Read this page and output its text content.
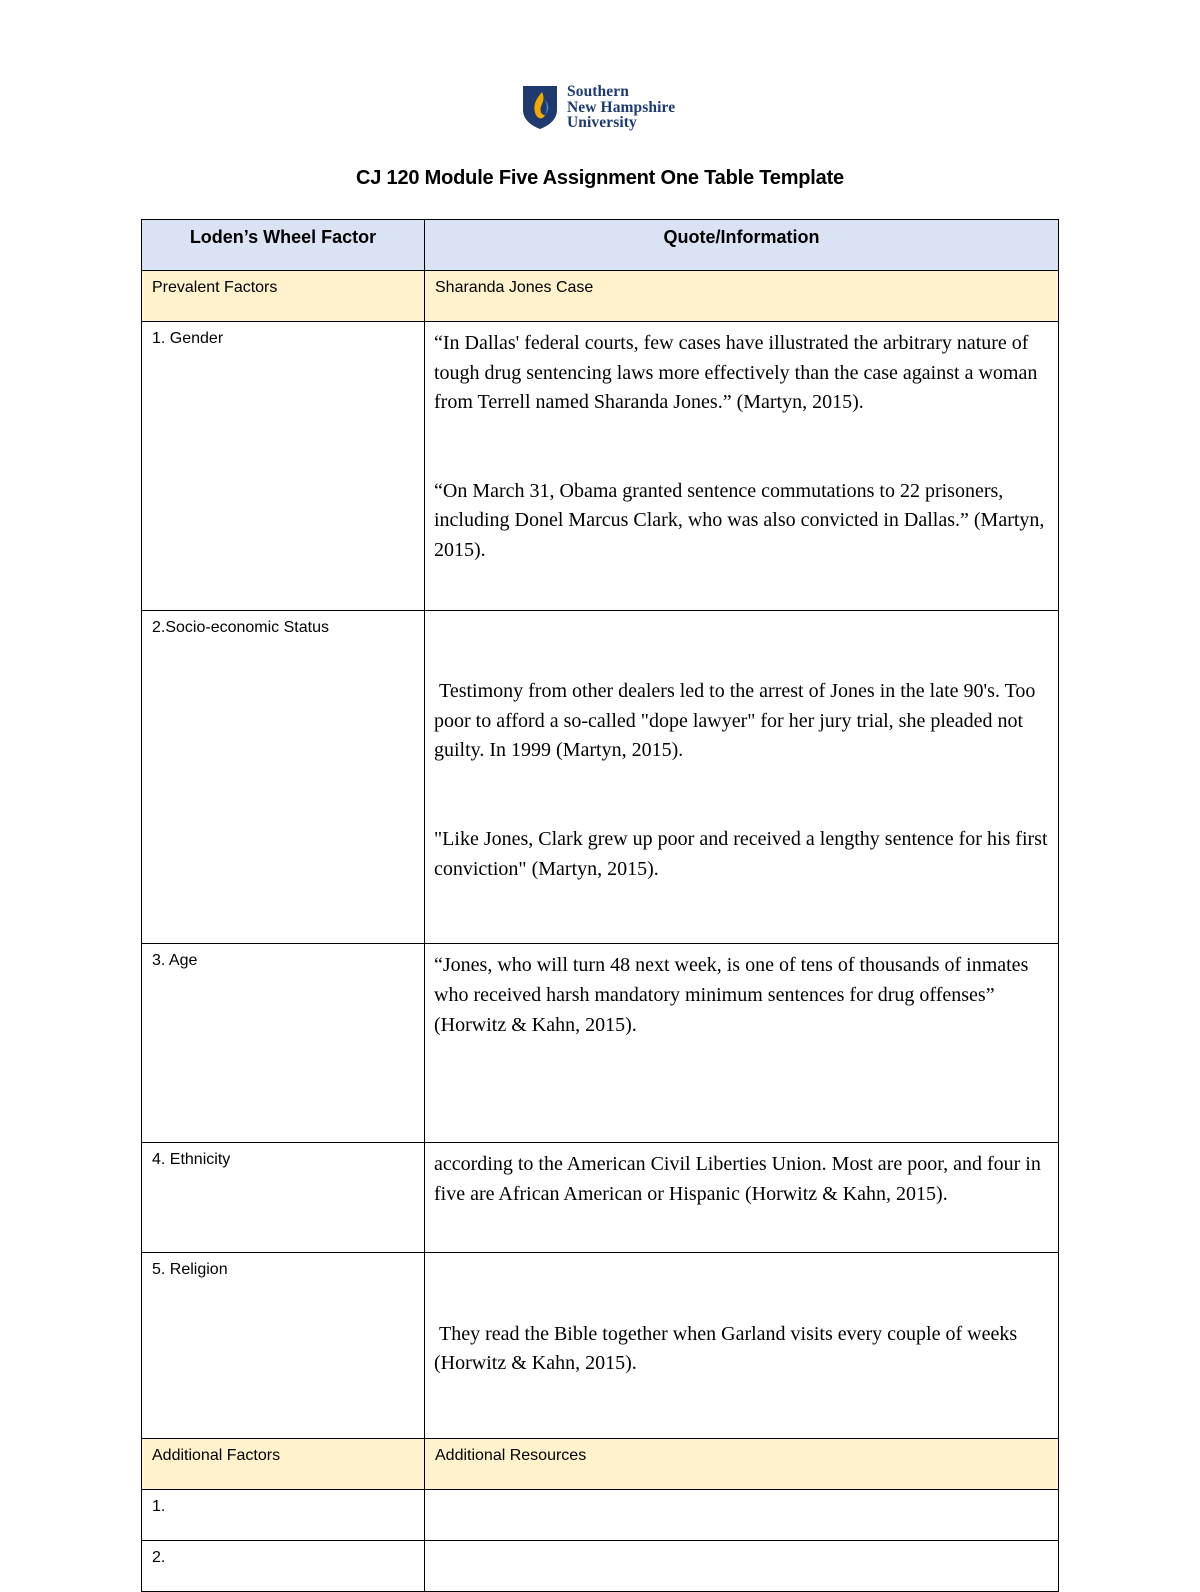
Southern
New Hampshire
University
CJ 120 Module Five Assignment One Table Template
Loden’s Wheel Factor	Quote/Information

Prevalent Factors	Sharanda Jones Case

1. Gender	“In Dallas' federal courts, few cases have illustrated the arbitrary nature of tough drug sentencing laws more effectively than the case against a woman from Terrell named Sharanda Jones.” (Martyn, 2015).
“On March 31, Obama granted sentence commutations to 22 prisoners, including Donel Marcus Clark, who was also convicted in Dallas.” (Martyn, 2015).

2.Socio-economic Status	Testimony from other dealers led to the arrest of Jones in the late 90's. Too poor to afford a so-called "dope lawyer" for her jury trial, she pleaded not guilty. In 1999 (Martyn, 2015).
"Like Jones, Clark grew up poor and received a lengthy sentence for his first conviction" (Martyn, 2015).

3. Age	“Jones, who will turn 48 next week, is one of tens of thousands of inmates who received harsh mandatory minimum sentences for drug offenses” (Horwitz & Kahn, 2015).

4. Ethnicity	according to the American Civil Liberties Union. Most are poor, and four in five are African American or Hispanic (Horwitz & Kahn, 2015).

5. Religion	They read the Bible together when Garland visits every couple of weeks (Horwitz & Kahn, 2015).

Additional Factors	Additional Resources

1.	

2.	
